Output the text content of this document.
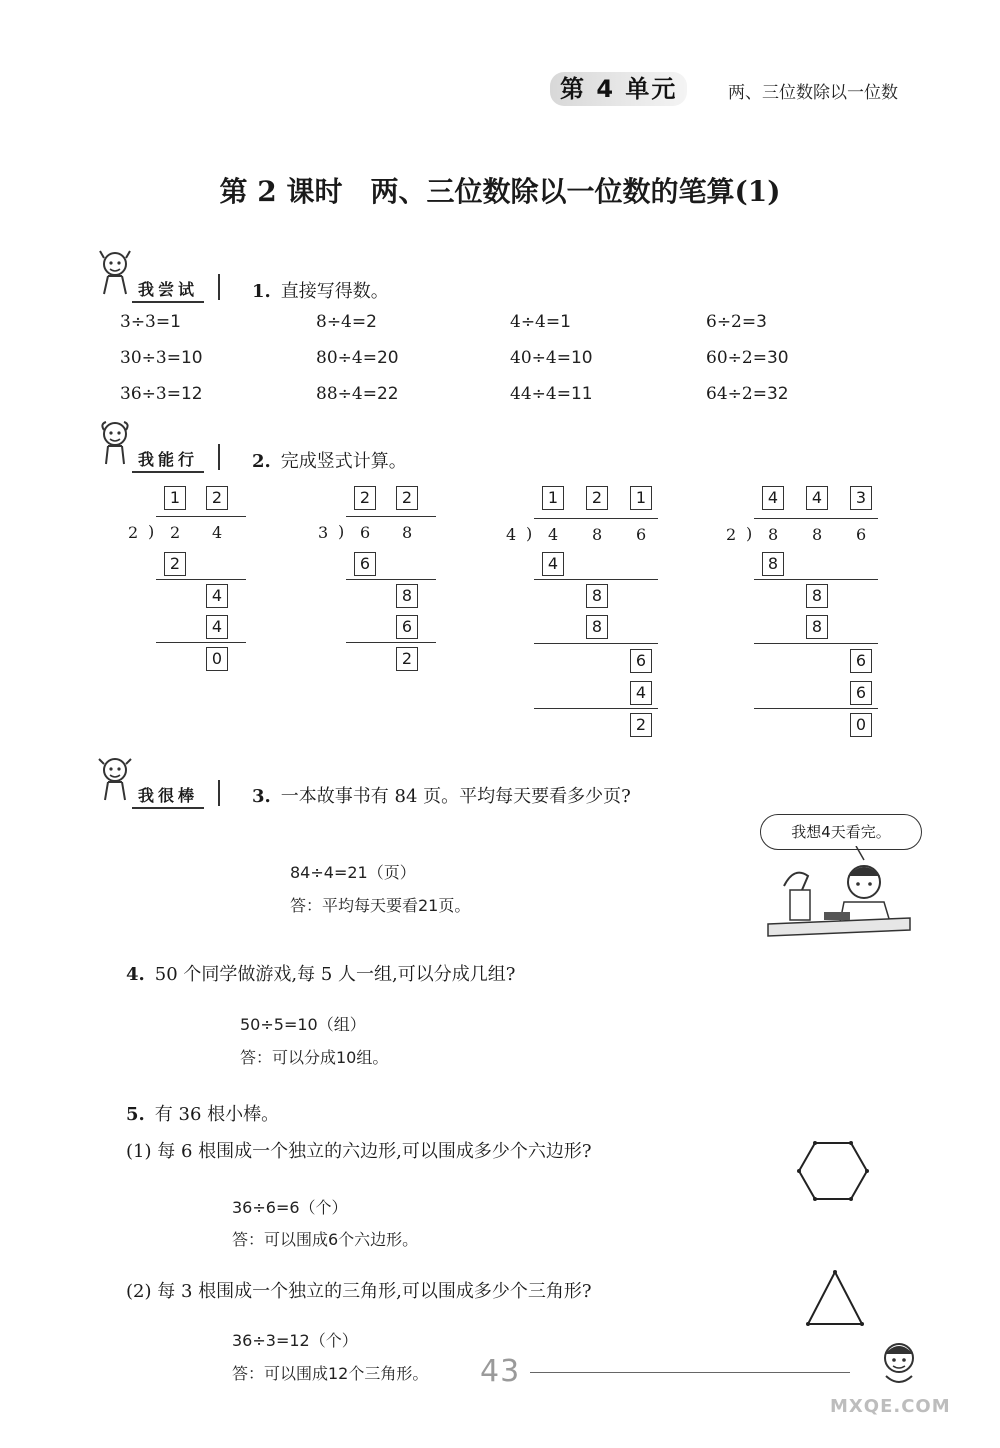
第 4 单元	两、三位数除以一位数
第 2 课时　两、三位数除以一位数的笔算(1)
我尝试	1. 直接写得数。
3÷3=1	8÷4=2	4÷4=1	6÷2=3
30÷3=10	80÷4=20	40÷4=10	60÷2=30
36÷3=12	88÷4=22	44÷4=11	64÷2=32
我能行	2. 完成竖式计算。
1	2
2 ) 2 4
2
4
4
0
2	2
3 ) 6 8
6
8
6
2
1	2	1
4 ) 4 8 6
4
8
8
6
4
2
4	4	3
2 ) 8 8 6
8
8
8
6
6
0
我很棒	3. 一本故事书有 84 页。平均每天要看多少页?
我想4天看完。
84÷4=21（页）
答：平均每天要看21页。
4. 50 个同学做游戏,每 5 人一组,可以分成几组?
50÷5=10（组）
答：可以分成10组。
5. 有 36 根小棒。
(1) 每 6 根围成一个独立的六边形,可以围成多少个六边形?
36÷6=6（个）
答：可以围成6个六边形。
(2) 每 3 根围成一个独立的三角形,可以围成多少个三角形?
36÷3=12（个）
答：可以围成12个三角形。 43
MXQE.COM
